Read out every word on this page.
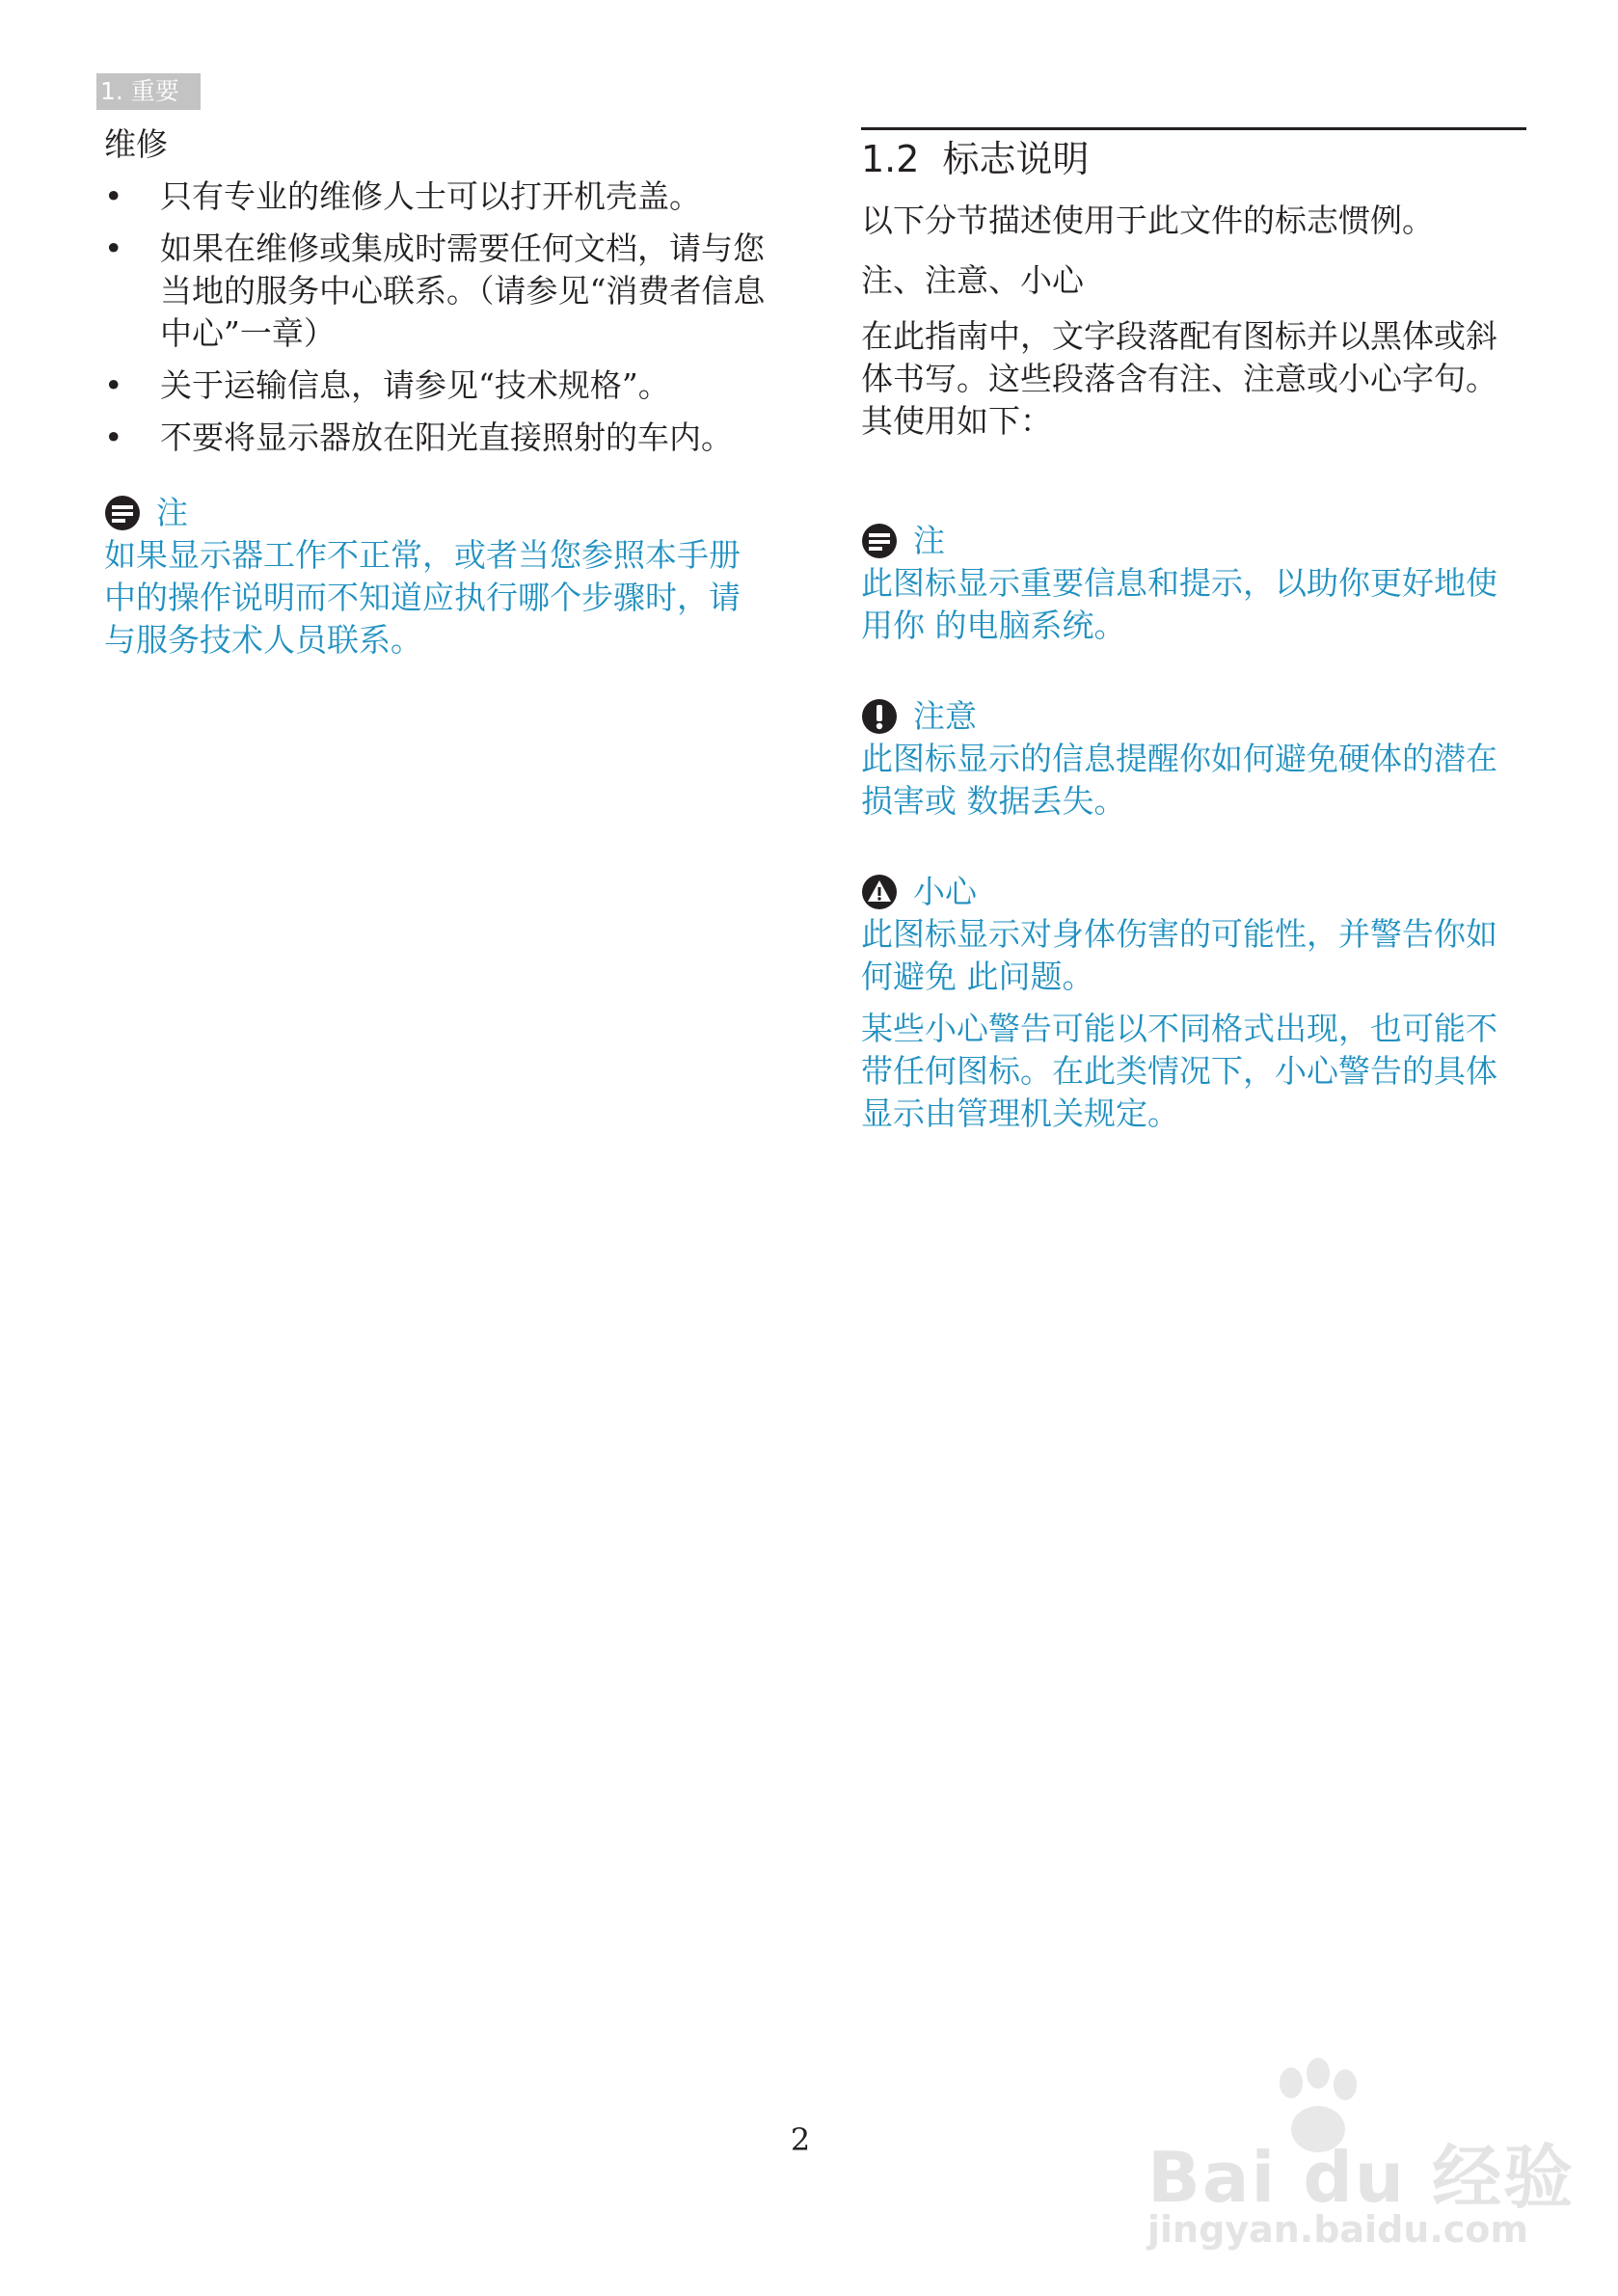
1. 重要
维修
• 只有专业的维修人士可以打开机壳盖。
• 如果在维修或集成时需要任何文档，请与您当地的服务中心联系。（请参见“消费者信息中心”一章）
• 关于运输信息，请参见“技术规格”。
• 不要将显示器放在阳光直接照射的车内。
注

如果显示器工作不正常，或者当您参照本手册中的操作说明而不知道应执行哪个步骤时，请与服务技术人员联系。

1.2 标志说明

以下分节描述使用于此文件的标志惯例。

注、注意、小心

在此指南中，文字段落配有图标并以黑体或斜体书写。这些段落含有注、注意或小心字句。其使用如下：

注

此图标显示重要信息和提示，以助你更好地使用你 的电脑系统。

注意

此图标显示的信息提醒你如何避免硬体的潜在损害或 数据丢失。

小心

此图标显示对身体伤害的可能性，并警告你如何避免 此问题。

某些小心警告可能以不同格式出现，也可能不带任何图标。在此类情况下，小心警告的具体显示由管理机关规定。

2	Bai du 经验
jingyan.baidu.com
